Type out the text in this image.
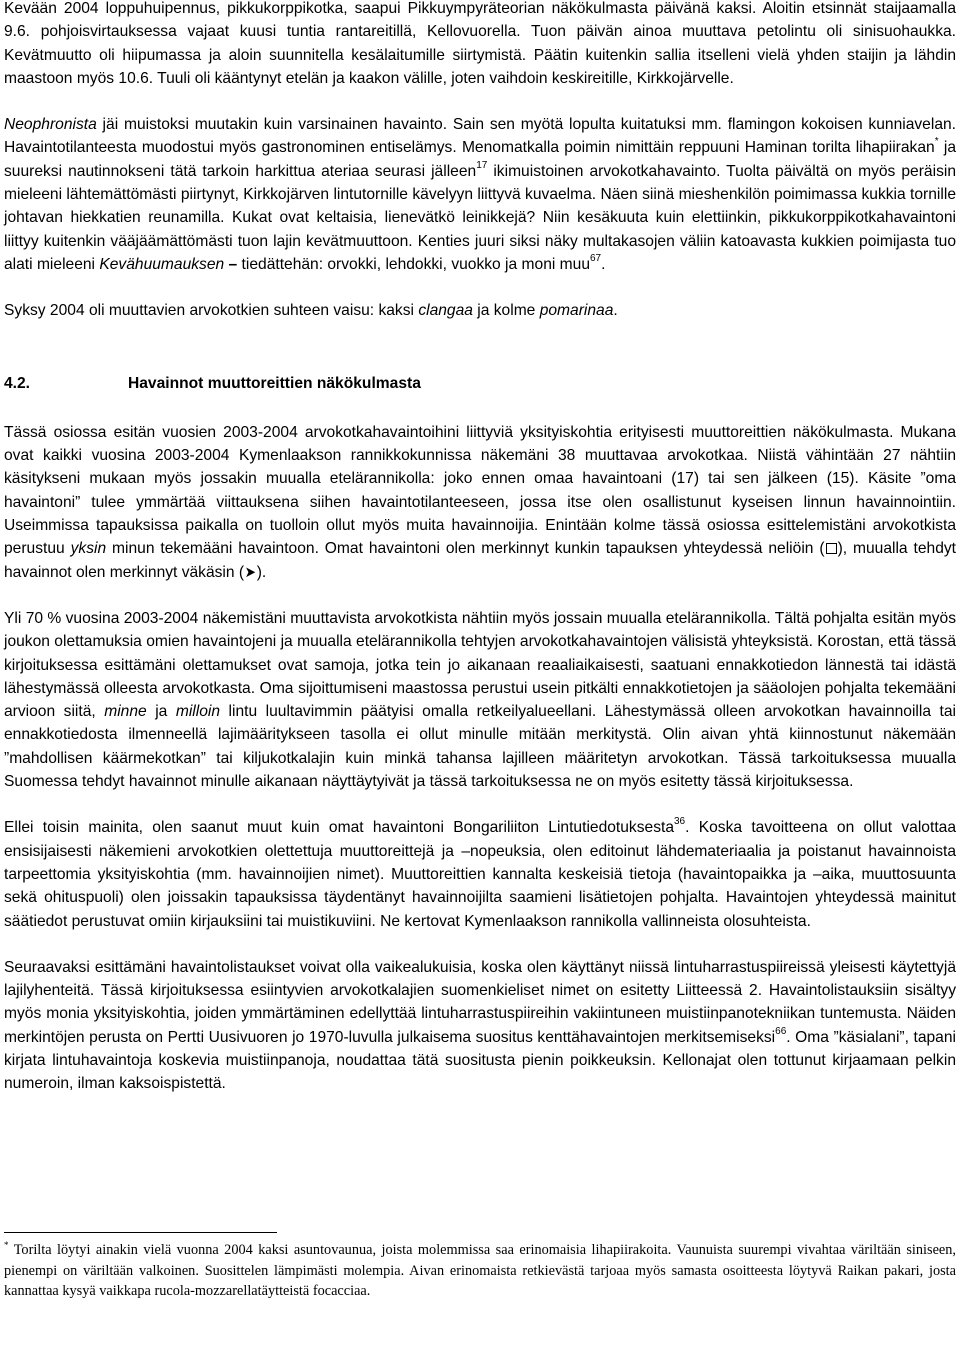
Kevään 2004 loppuhuipennus, pikkukorppikotka, saapui Pikkuympyräteorian näkökulmasta päivänä kaksi. Aloitin etsinnät staijaamalla 9.6. pohjoisvirtauksessa vajaat kuusi tuntia rantareitillä, Kellovuorella. Tuon päivän ainoa muuttava petolintu oli sinisuohaukka. Kevätmuutto oli hiipumassa ja aloin suunnitella kesälaitumille siirtymistä. Päätin kuitenkin sallia itselleni vielä yhden staijin ja lähdin maastoon myös 10.6. Tuuli oli kääntynyt etelän ja kaakon välille, joten vaihdoin keskireitille, Kirkkojärvelle.

Neophronista jäi muistoksi muutakin kuin varsinainen havainto. Sain sen myötä lopulta kuitatuksi mm. flamingon kokoisen kunniavelan. Havaintotilanteesta muodostui myös gastronominen entiselämys. Menomatkalla poimin nimittäin reppuuni Haminan torilta lihapiirakan* ja suureksi nautinnokseni tätä tarkoin harkittua ateriaa seurasi jälleen$^{17}$ ikimuistoinen arvokotkahavainto. Tuolta päivältä on myös peräisin mieleeni lähtemättömästi piirtynyt, Kirkkojärven lintutornille kävelyyn liittyvä kuvaelma. Näen siinä mieshenkilön poimimassa kukkia tornille johtavan hiekkatien reunamilla. Kukat ovat keltaisia, lienevätkö leinikkejä? Niin kesäkuuta kuin elettiinkin, pikkukorppikotkahavaintoni liittyy kuitenkin vääjäämättömästi tuon lajin kevätmuuttoon. Kenties juuri siksi näky multakasojen väliin katoavasta kukkien poimijasta tuo alati mieleeni Kevähuumauksen – tiedättehän: orvokki, lehdokki, vuokko ja moni muu$^{67}$.

Syksy 2004 oli muuttavien arvokotkien suhteen vaisu: kaksi clangaa ja kolme pomarinaa.

4.2.	Havainnot muuttoreittien näkökulmasta

Tässä osiossa esitän vuosien 2003-2004 arvokotkahavaintoihini liittyviä yksityiskohtia erityisesti muuttoreittien näkökulmasta. Mukana ovat kaikki vuosina 2003-2004 Kymenlaakson rannikkokunnissa näkemäni 38 muuttavaa arvokotkaa. Niistä vähintään 27 nähtiin käsitykseni mukaan myös jossakin muualla etelärannikolla: joko ennen omaa havaintoani (17) tai sen jälkeen (15). Käsite ”oma havaintoni” tulee ymmärtää viittauksena siihen havaintotilanteeseen, jossa itse olen osallistunut kyseisen linnun havainnointiin. Useimmissa tapauksissa paikalla on tuolloin ollut myös muita havainnoijia. Enintään kolme tässä osiossa esittelemistäni arvokotkista perustuu yksin minun tekemääni havaintoon. Omat havaintoni olen merkinnyt kunkin tapauksen yhteydessä neliöin ( ), muualla tehdyt havainnot olen merkinnyt väkäsin (➤).

Yli 70 % vuosina 2003-2004 näkemistäni muuttavista arvokotkista nähtiin myös jossain muualla etelärannikolla. Tältä pohjalta esitän myös joukon olettamuksia omien havaintojeni ja muualla etelärannikolla tehtyjen arvokotkahavaintojen välisistä yhteyksistä. Korostan, että tässä kirjoituksessa esittämäni olettamukset ovat samoja, jotka tein jo aikanaan reaaliaikaisesti, saatuani ennakkotiedon lännestä tai idästä lähestymässä olleesta arvokotkasta. Oma sijoittumiseni maastossa perustui usein pitkälti ennakkotietojen ja sääolojen pohjalta tekemääni arvioon siitä, minne ja milloin lintu luultavimmin päätyisi omalla retkeilyalueellani. Lähestymässä olleen arvokotkan havainnoilla tai ennakkotiedosta ilmenneellä lajimääritykseen tasolla ei ollut minulle mitään merkitystä. Olin aivan yhtä kiinnostunut näkemään ”mahdollisen käärmekotkan” tai kiljukotkalajin kuin minkä tahansa lajilleen määritetyn arvokotkan. Tässä tarkoituksessa muualla Suomessa tehdyt havainnot minulle aikanaan näyttäytyivät ja tässä tarkoituksessa ne on myös esitetty tässä kirjoituksessa.

Ellei toisin mainita, olen saanut muut kuin omat havaintoni Bongariliiton Lintutiedotuksesta$^{36}$. Koska tavoitteena on ollut valottaa ensisijaisesti näkemieni arvokotkien olettettuja muuttoreittejä ja –nopeuksia, olen editoinut lähdemateriaalia ja poistanut havainnoista tarpeettomia yksityiskohtia (mm. havainnoijien nimet). Muuttoreittien kannalta keskeisiä tietoja (havaintopaikka ja –aika, muuttosuunta sekä ohituspuoli) olen joissakin tapauksissa täydentänyt havainnoijilta saamieni lisätietojen pohjalta. Havaintojen yhteydessä mainitut säätiedot perustuvat omiin kirjauksiini tai muistikuviini. Ne kertovat Kymenlaakson rannikolla vallinneista olosuhteista.

Seuraavaksi esittämäni havaintolistaukset voivat olla vaikealukuisia, koska olen käyttänyt niissä lintuharrastuspiireissä yleisesti käytettyjä lajilyhenteitä. Tässä kirjoituksessa esiintyvien arvokotkalajien suomenkieliset nimet on esitetty Liitteessä 2. Havaintolistauksiin sisältyy myös monia yksityiskohtia, joiden ymmärtäminen edellyttää lintuharrastuspiireihin vakiintuneen muistiinpanotekniikan tuntemusta. Näiden merkintöjen perusta on Pertti Uusivuoren jo 1970-luvulla julkaisema suositus kenttähavaintojen merkitsemiseksi$^{66}$. Oma ”käsialani”, tapani kirjata lintuhavaintoja koskevia muistiinpanoja, noudattaa tätä suositusta pienin poikkeuksin. Kellonajat olen tottunut kirjaamaan pelkin numeroin, ilman kaksoispistettä.

* Torilta löytyi ainakin vielä vuonna 2004 kaksi asuntovaunua, joista molemmissa saa erinomaisia lihapiirakoita. Vaunuista suurempi vivahtaa väriltään siniseen, pienempi on väriltään valkoinen. Suosittelen lämpimästi molempia. Aivan erinomaista retkievästä tarjoaa myös samasta osoitteesta löytyvä Raikan pakari, josta kannattaa kysyä vaikkapa rucola-mozzarellatäytteistä focacciaa.
